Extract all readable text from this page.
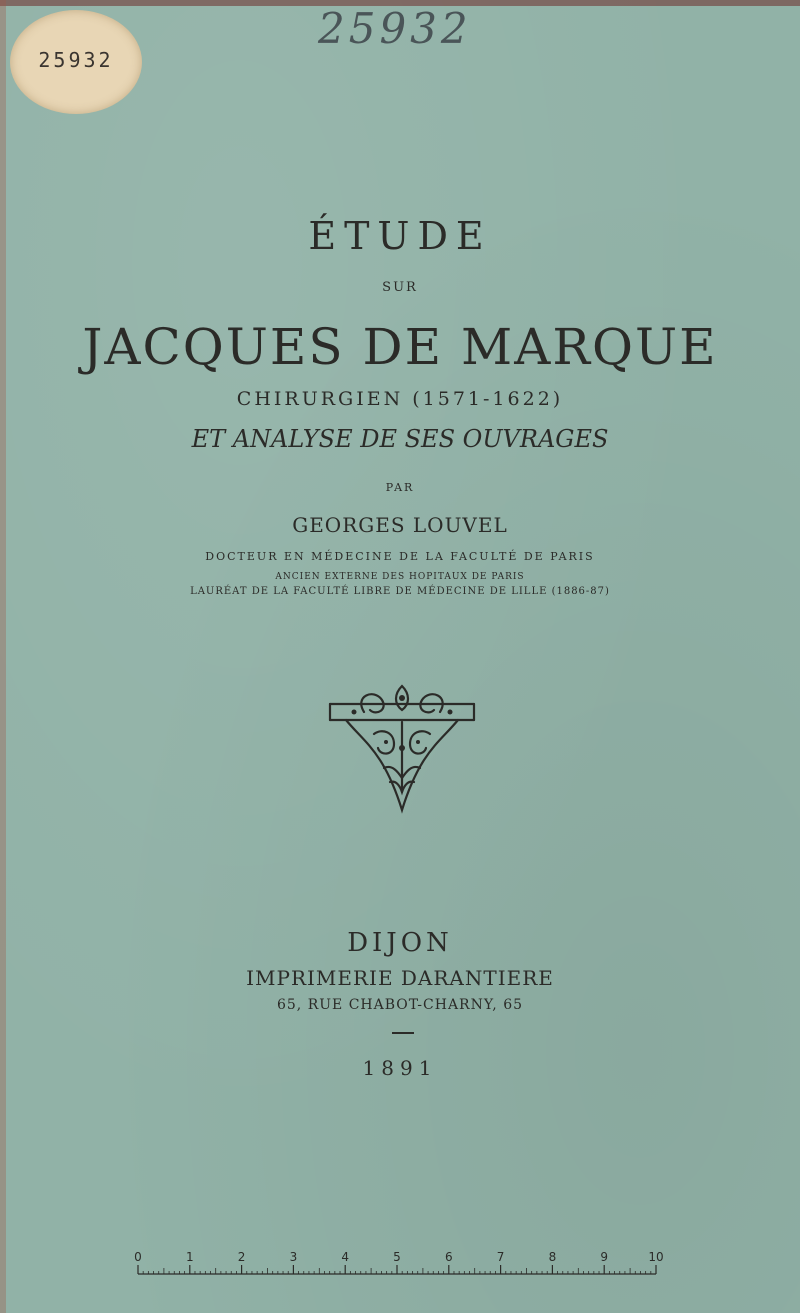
25932
25932
ÉTUDE
SUR
JACQUES DE MARQUE
CHIRURGIEN (1571-1622)
ET ANALYSE DE SES OUVRAGES
PAR
GEORGES LOUVEL
DOCTEUR EN MÉDECINE DE LA FACULTÉ DE PARIS
ANCIEN EXTERNE DES HOPITAUX DE PARIS
LAURÉAT DE LA FACULTÉ LIBRE DE MÉDECINE DE LILLE (1886-87)
DIJON
IMPRIMERIE DARANTIERE
65, RUE CHABOT-CHARNY, 65
1891
0	1	2	3	4	5	6	7	8	9	10
